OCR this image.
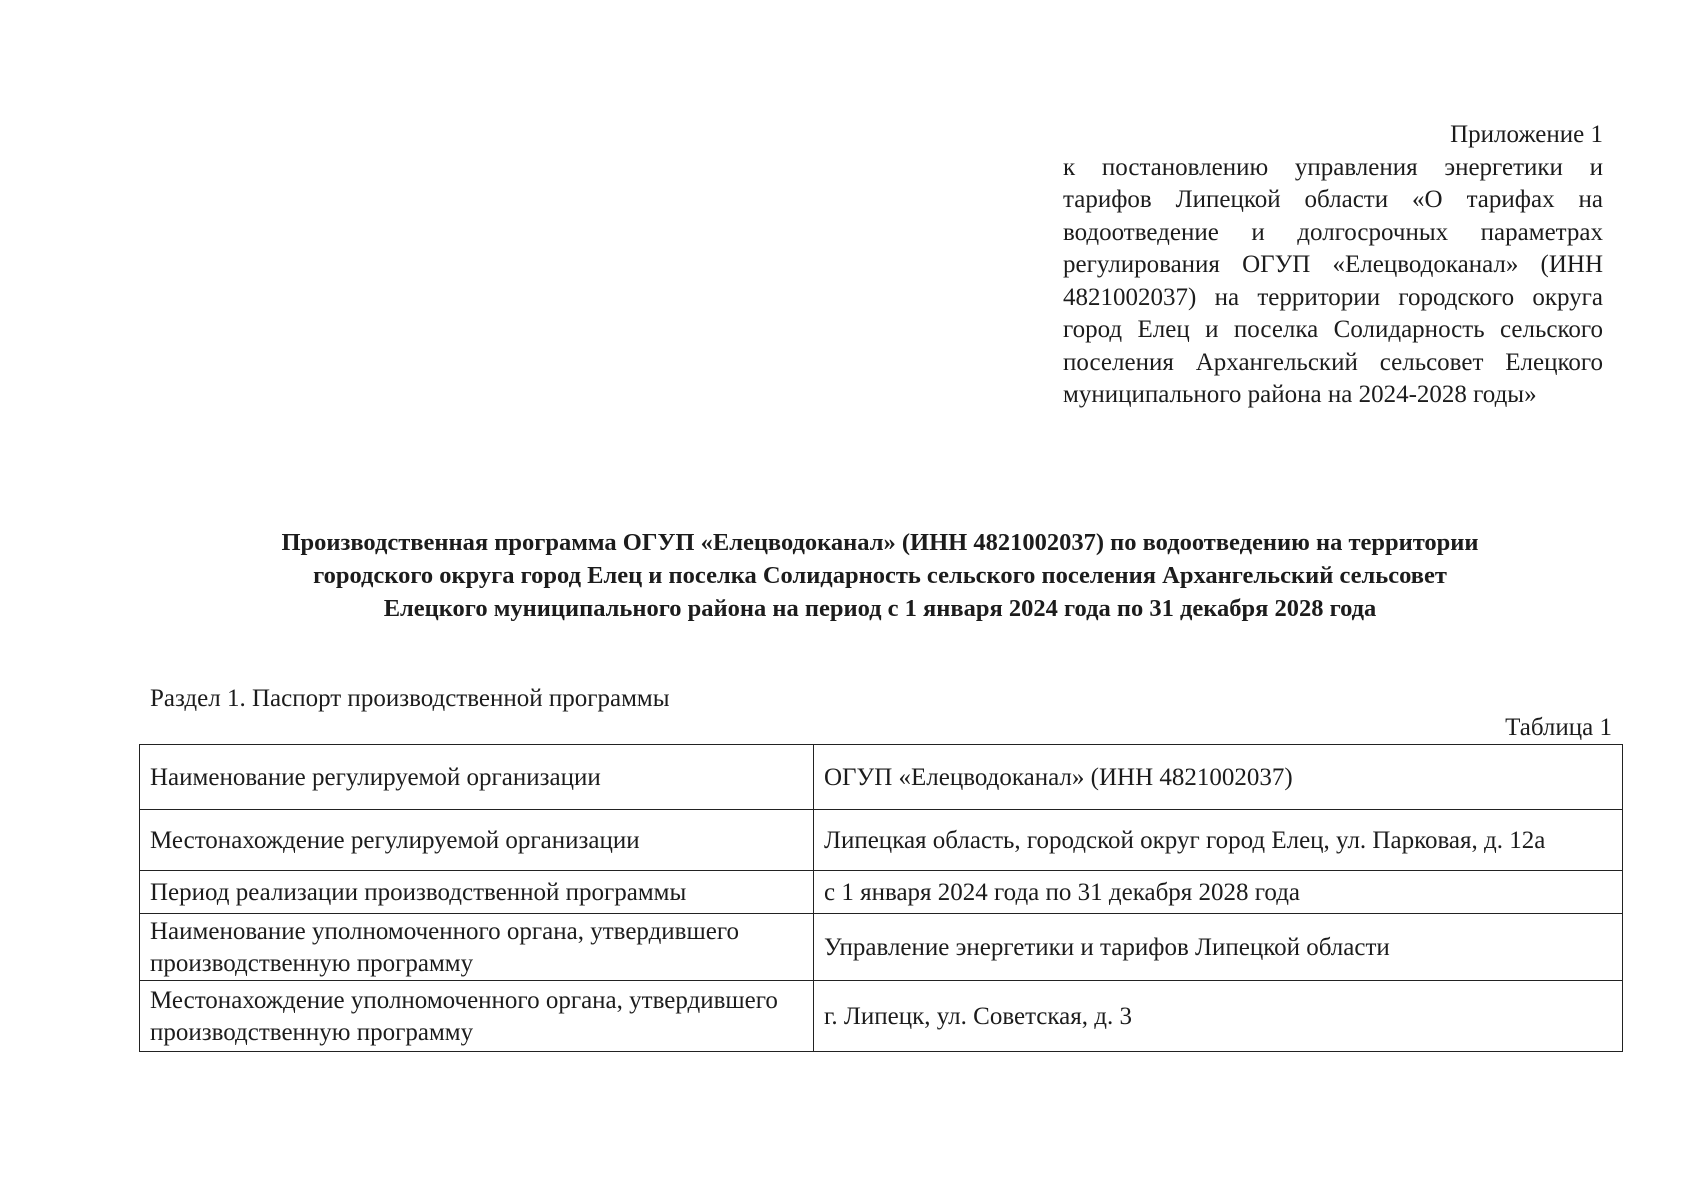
Приложение 1
к постановлению управления энергетики и тарифов Липецкой области «О тарифах на водоотведение и долгосрочных параметрах регулирования ОГУП «Елецводоканал» (ИНН 4821002037) на территории городского округа город Елец и поселка Солидарность сельского поселения Архангельский сельсовет Елецкого муниципального района на 2024-2028 годы»
Производственная программа ОГУП «Елецводоканал» (ИНН 4821002037) по водоотведению на территории
городского округа город Елец и поселка Солидарность сельского поселения Архангельский сельсовет
Елецкого муниципального района на период с 1 января 2024 года по 31 декабря 2028 года
Раздел 1. Паспорт производственной программы
Таблица 1
Наименование регулируемой организации	ОГУП «Елецводоканал» (ИНН 4821002037)
Местонахождение регулируемой организации	Липецкая область, городской округ город Елец, ул. Парковая, д. 12а
Период реализации производственной программы	с 1 января 2024 года по 31 декабря 2028 года
Наименование уполномоченного органа, утвердившего производственную программу	Управление энергетики и тарифов Липецкой области
Местонахождение уполномоченного органа, утвердившего производственную программу	г. Липецк, ул. Советская, д. 3
